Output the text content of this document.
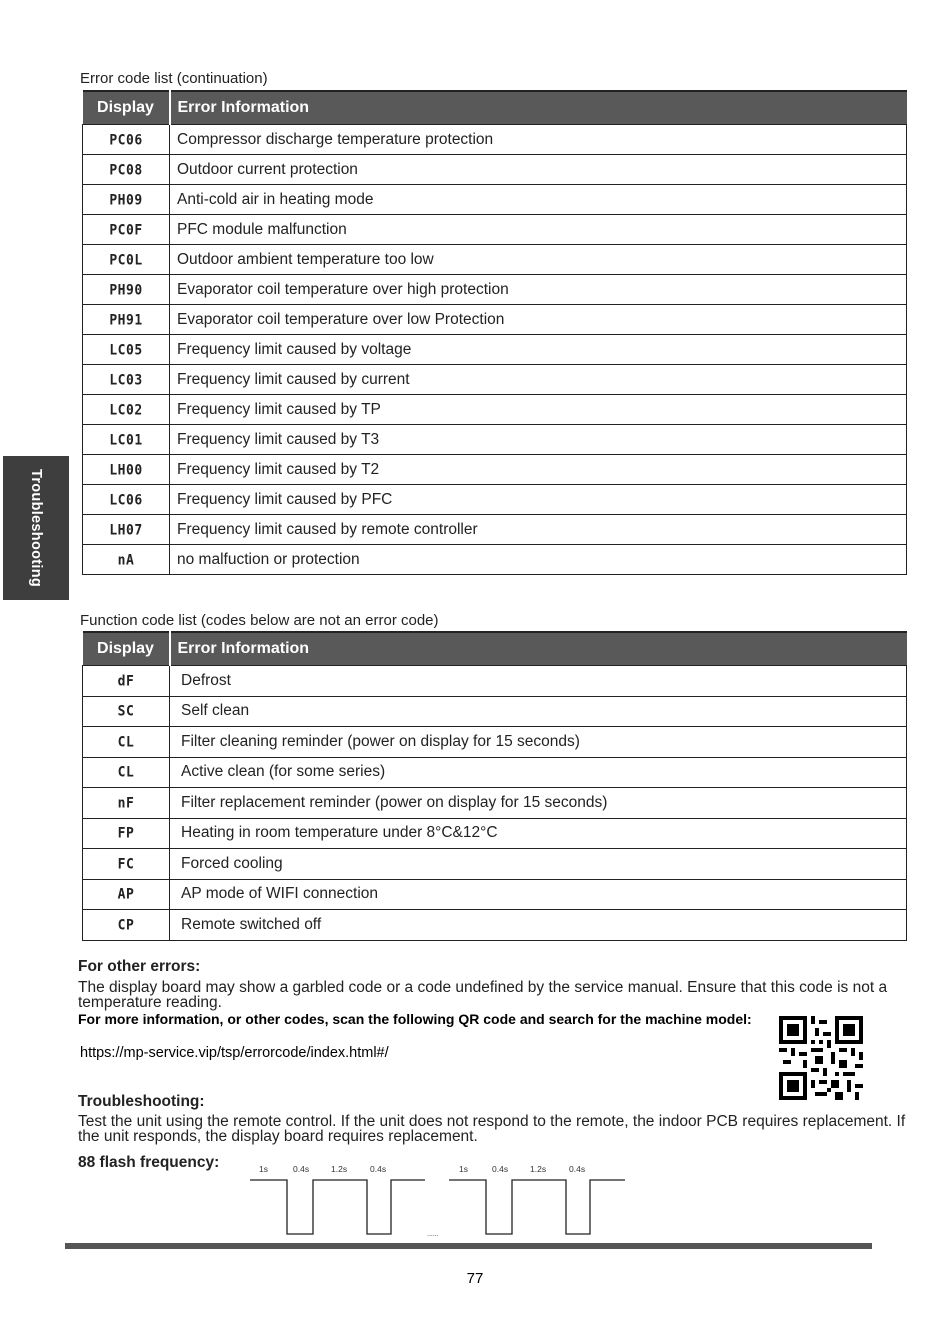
Troubleshooting
Error code list (continuation)
Display	Error Information
PC06	Compressor discharge temperature protection
PC08	Outdoor current protection
PH09	Anti-cold air in heating mode
PC0F	PFC module malfunction
PC0L	Outdoor ambient temperature too low
PH90	Evaporator coil temperature over high protection
PH91	Evaporator coil temperature over low Protection
LC05	Frequency limit caused by voltage
LC03	Frequency limit caused by current
LC02	Frequency limit caused by TP
LC01	Frequency limit caused by T3
LH00	Frequency limit caused by T2
LC06	Frequency limit caused by PFC
LH07	Frequency limit caused by remote controller
nA	no malfuction or protection
Function code list (codes below are not an error code)
Display	Error Information
dF	Defrost
SC	Self clean
CL	Filter cleaning reminder (power on display for 15 seconds)
CL	Active clean (for some series)
nF	Filter replacement reminder (power on display for 15 seconds)
FP	Heating in room temperature under 8°C&12°C
FC	Forced cooling
AP	AP mode of WIFI connection
CP	Remote switched off
For other errors:
The display board may show a garbled code or a code undefined by the service manual. Ensure that this code is not a temperature reading.
For more information, or other codes, scan the following QR code and search for the machine model:
https://mp-service.vip/tsp/errorcode/index.html#/
Troubleshooting:
Test the unit using the remote control. If the unit does not respond to the remote, the indoor PCB requires replacement. If the unit responds, the display board requires replacement.
88 flash frequency:	1s	0.4s	1.2s	0.4s	1s	0.4s	1.2s	0.4s
......
77
